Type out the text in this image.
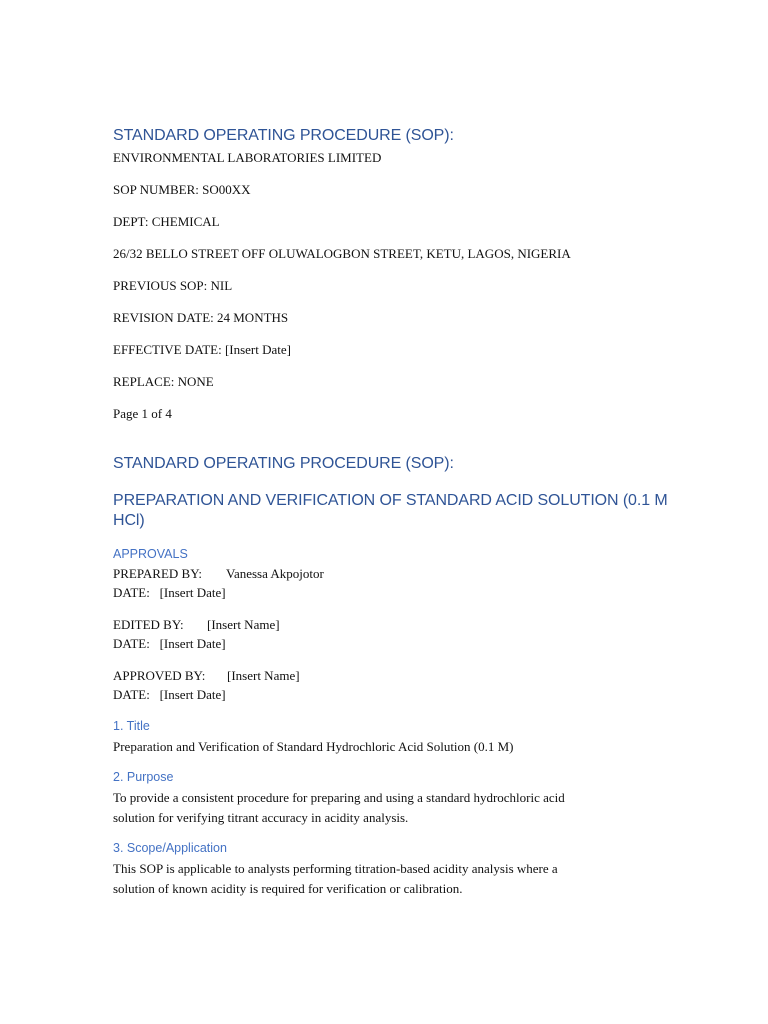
STANDARD OPERATING PROCEDURE (SOP):
ENVIRONMENTAL LABORATORIES LIMITED
SOP NUMBER: SO00XX
DEPT: CHEMICAL
26/32 BELLO STREET OFF OLUWALOGBON STREET, KETU, LAGOS, NIGERIA
PREVIOUS SOP: NIL
REVISION DATE: 24 MONTHS
EFFECTIVE DATE: [Insert Date]
REPLACE: NONE
Page 1 of 4
STANDARD OPERATING PROCEDURE (SOP):
PREPARATION AND VERIFICATION OF STANDARD ACID SOLUTION (0.1 M HCl)
APPROVALS
PREPARED BY: Vanessa Akpojotor
DATE:   [Insert Date]
EDITED BY: [Insert Name]
DATE:   [Insert Date]
APPROVED BY: [Insert Name]
DATE:   [Insert Date]
1. Title
Preparation and Verification of Standard Hydrochloric Acid Solution (0.1 M)
2. Purpose
To provide a consistent procedure for preparing and using a standard hydrochloric acid
solution for verifying titrant accuracy in acidity analysis.
3. Scope/Application
This SOP is applicable to analysts performing titration-based acidity analysis where a
solution of known acidity is required for verification or calibration.
